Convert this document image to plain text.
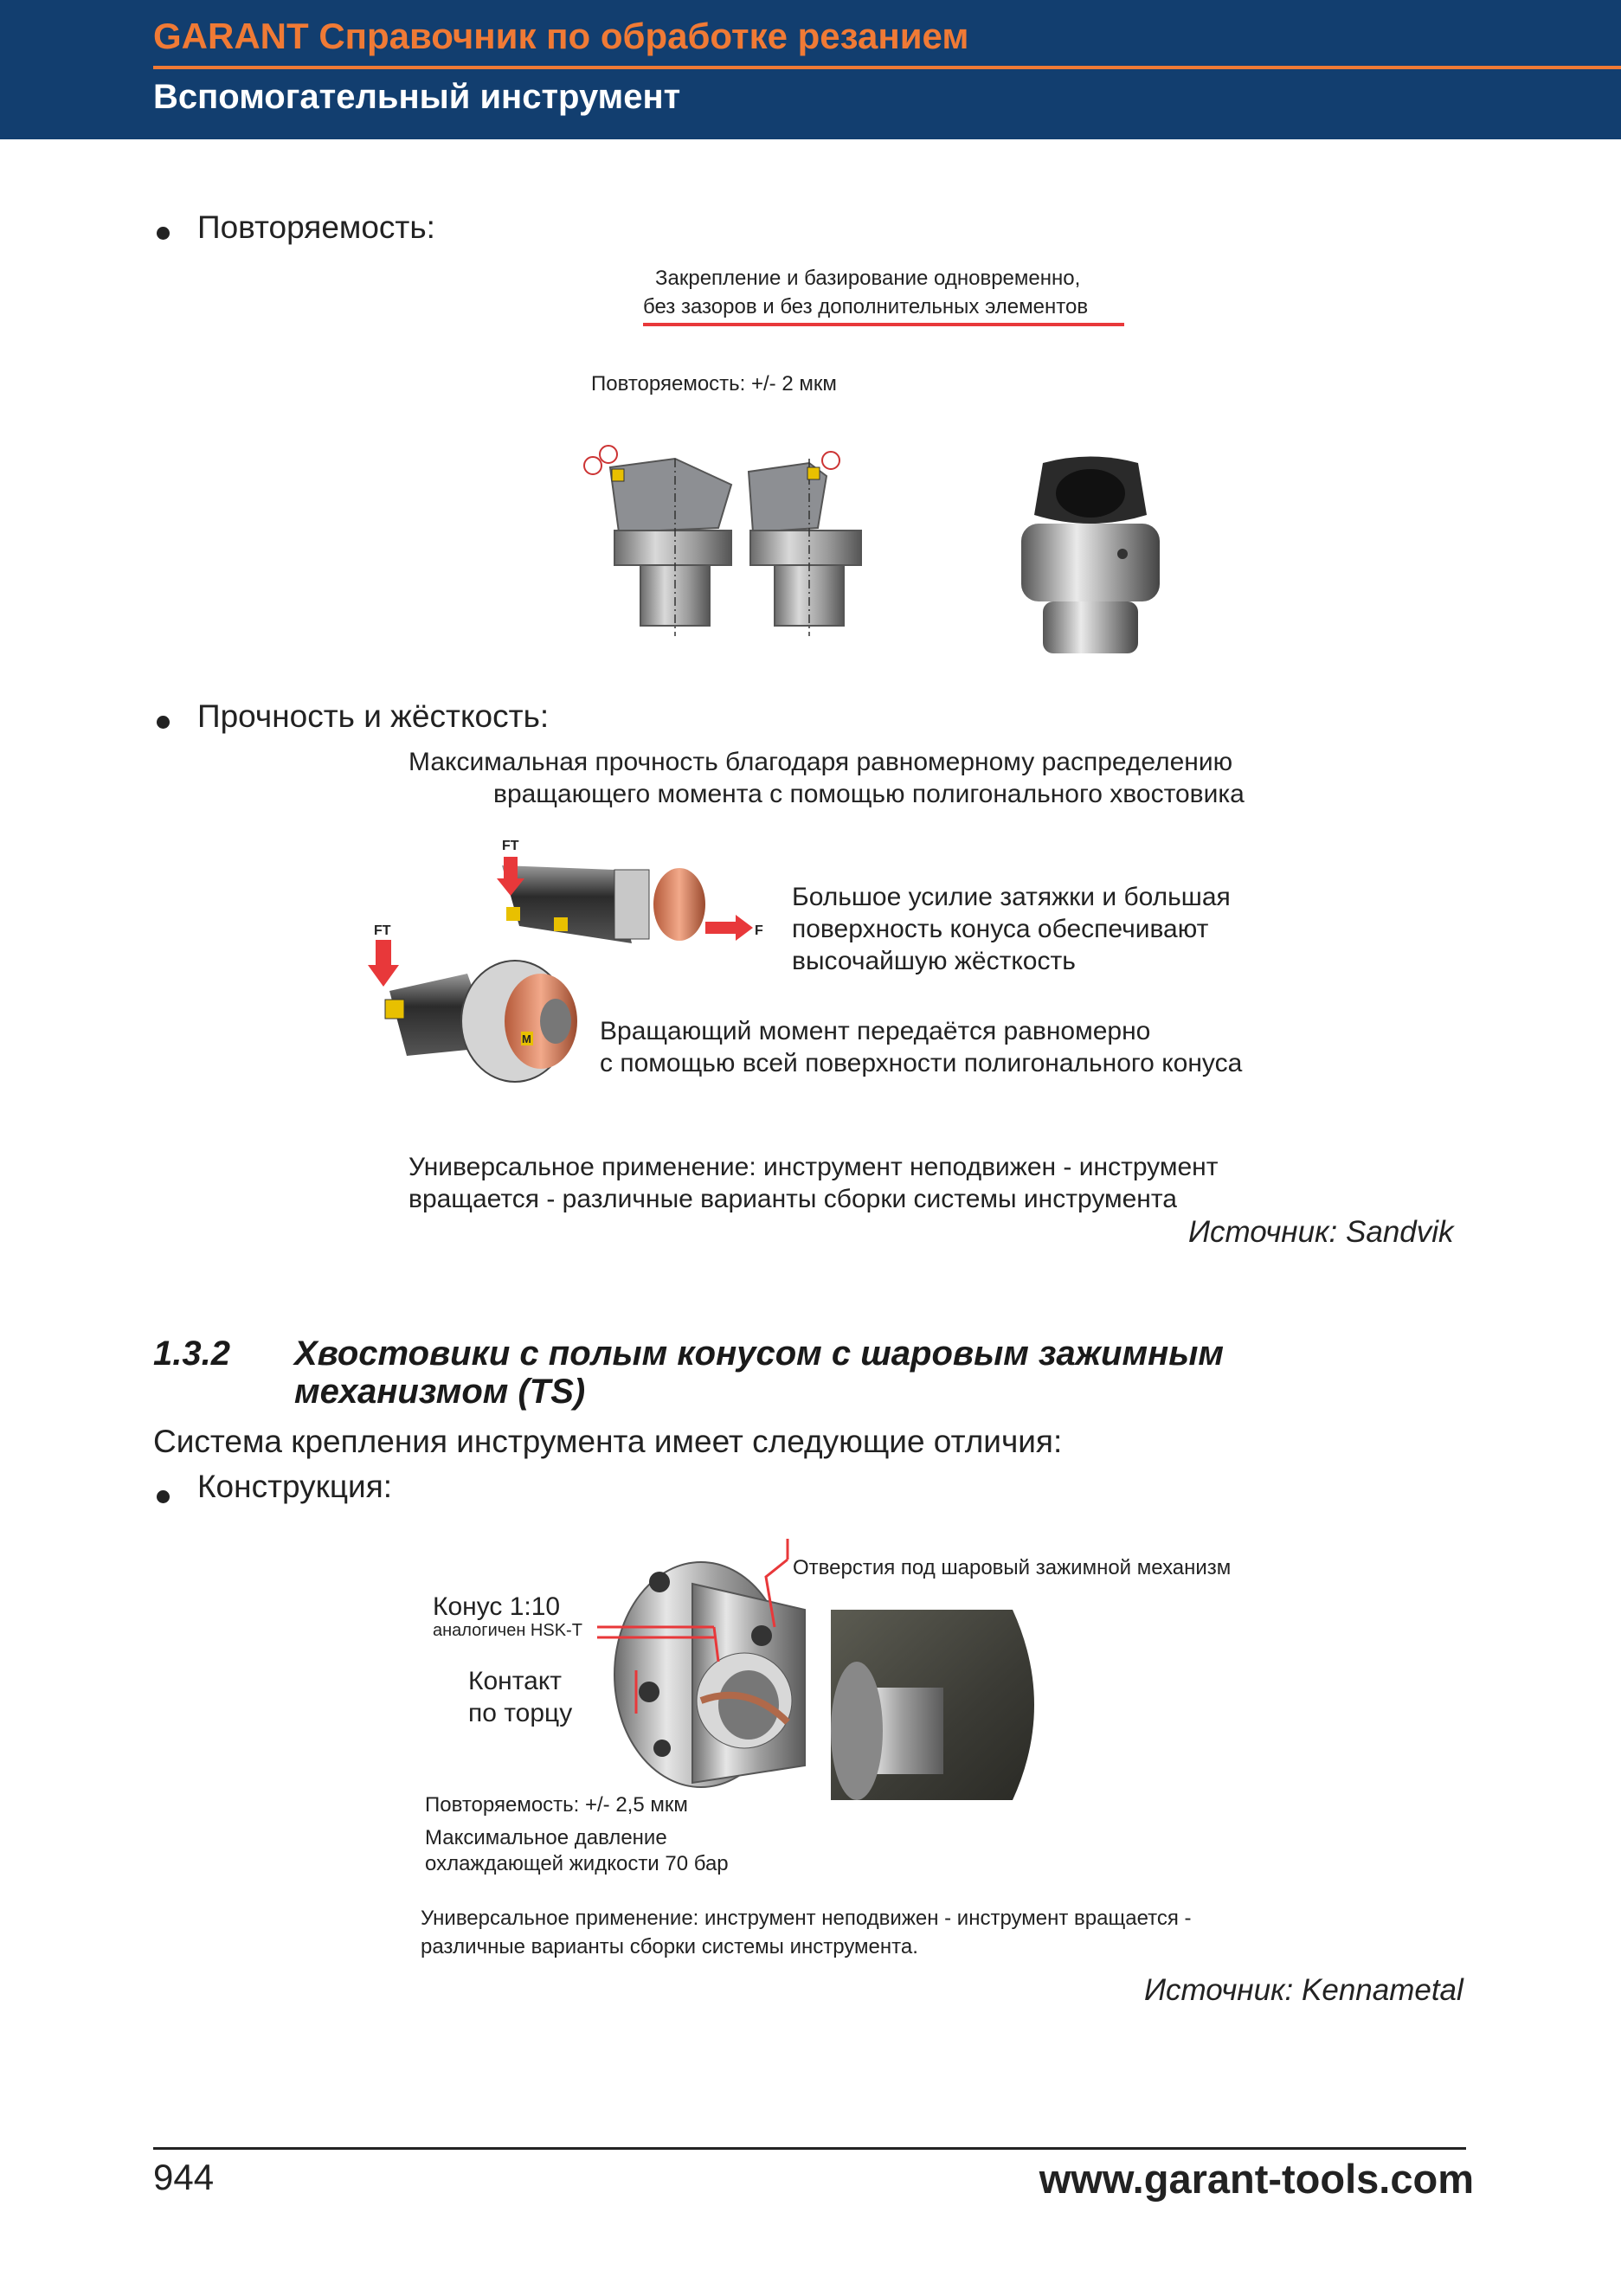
GARANT Справочник по обработке резанием
Вспомогательный инструмент
Повторяемость:
Закрепление и базирование одновременно,
без зазоров и без дополнительных элементов
Повторяемость: +/- 2 мкм
Прочность и жёсткость:
Максимальная прочность благодаря равномерному распределению
вращающего момента с помощью полигонального хвостовика
FT
F
FT
M
Большое усилие затяжки и большая
поверхность конуса обеспечивают
высочайшую жёсткость
Вращающий момент передаётся равномерно
с помощью всей поверхности полигонального конуса
Универсальное применение: инструмент неподвижен - инструмент
вращается - различные варианты сборки системы инструмента
Источник: Sandvik
1.3.2 Хвостовики с полым конусом с шаровым зажимным
механизмом (TS)
Система крепления инструмента имеет следующие отличия:
Конструкция:
Отверстия под шаровый зажимной механизм
Конус 1:10
аналогичен HSK-T
Контакт
по торцу
Повторяемость: +/- 2,5 мкм
Максимальное давление
охлаждающей жидкости 70 бар
Универсальное применение: инструмент неподвижен - инструмент вращается -
различные варианты сборки системы инструмента.
Источник: Kennametal
944	www.garant-tools.com
